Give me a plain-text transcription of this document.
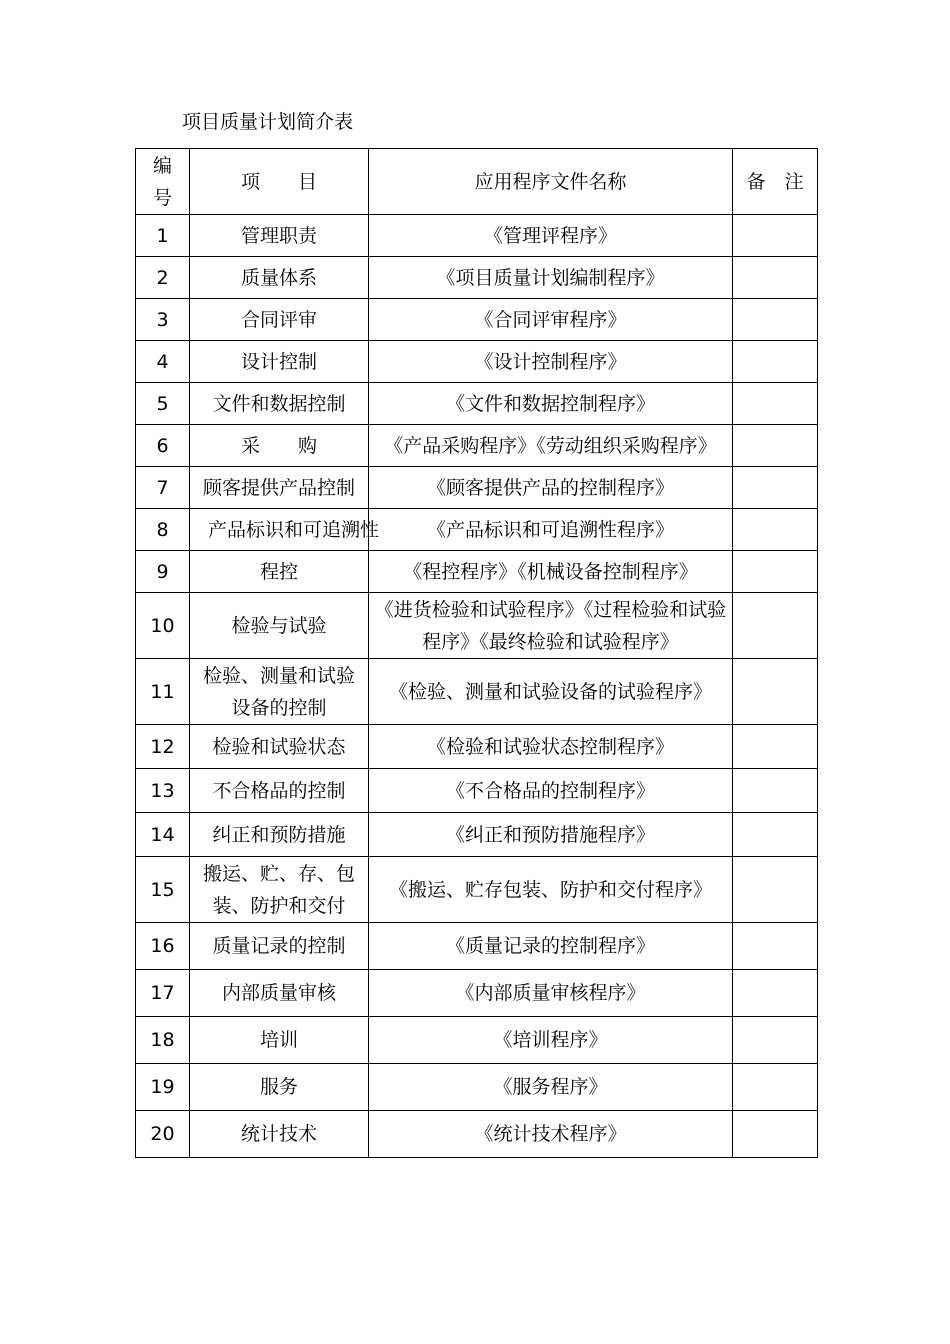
项目质量计划简介表
编
号	项　　目	应用程序文件名称	备　注
1	管理职责	《管理评程序》	
2	质量体系	《项目质量计划编制程序》	
3	合同评审	《合同评审程序》	
4	设计控制	《设计控制程序》	
5	文件和数据控制	《文件和数据控制程序》	
6	采　　购	《产品采购程序》《劳动组织采购程序》	
7	顾客提供产品控制	《顾客提供产品的控制程序》	
8	产品标识和可追溯性	《产品标识和可追溯性程序》	
9	程控	《程控程序》《机械设备控制程序》	
10	检验与试验	《进货检验和试验程序》《过程检验和试验
程序》《最终检验和试验程序》	
11	检验、测量和试验
设备的控制	《检验、测量和试验设备的试验程序》	
12	检验和试验状态	《检验和试验状态控制程序》	
13	不合格品的控制	《不合格品的控制程序》	
14	纠正和预防措施	《纠正和预防措施程序》	
15	搬运、贮、存、包
装、防护和交付	《搬运、贮存包装、防护和交付程序》	
16	质量记录的控制	《质量记录的控制程序》	
17	内部质量审核	《内部质量审核程序》	
18	培训	《培训程序》	
19	服务	《服务程序》	
20	统计技术	《统计技术程序》	
